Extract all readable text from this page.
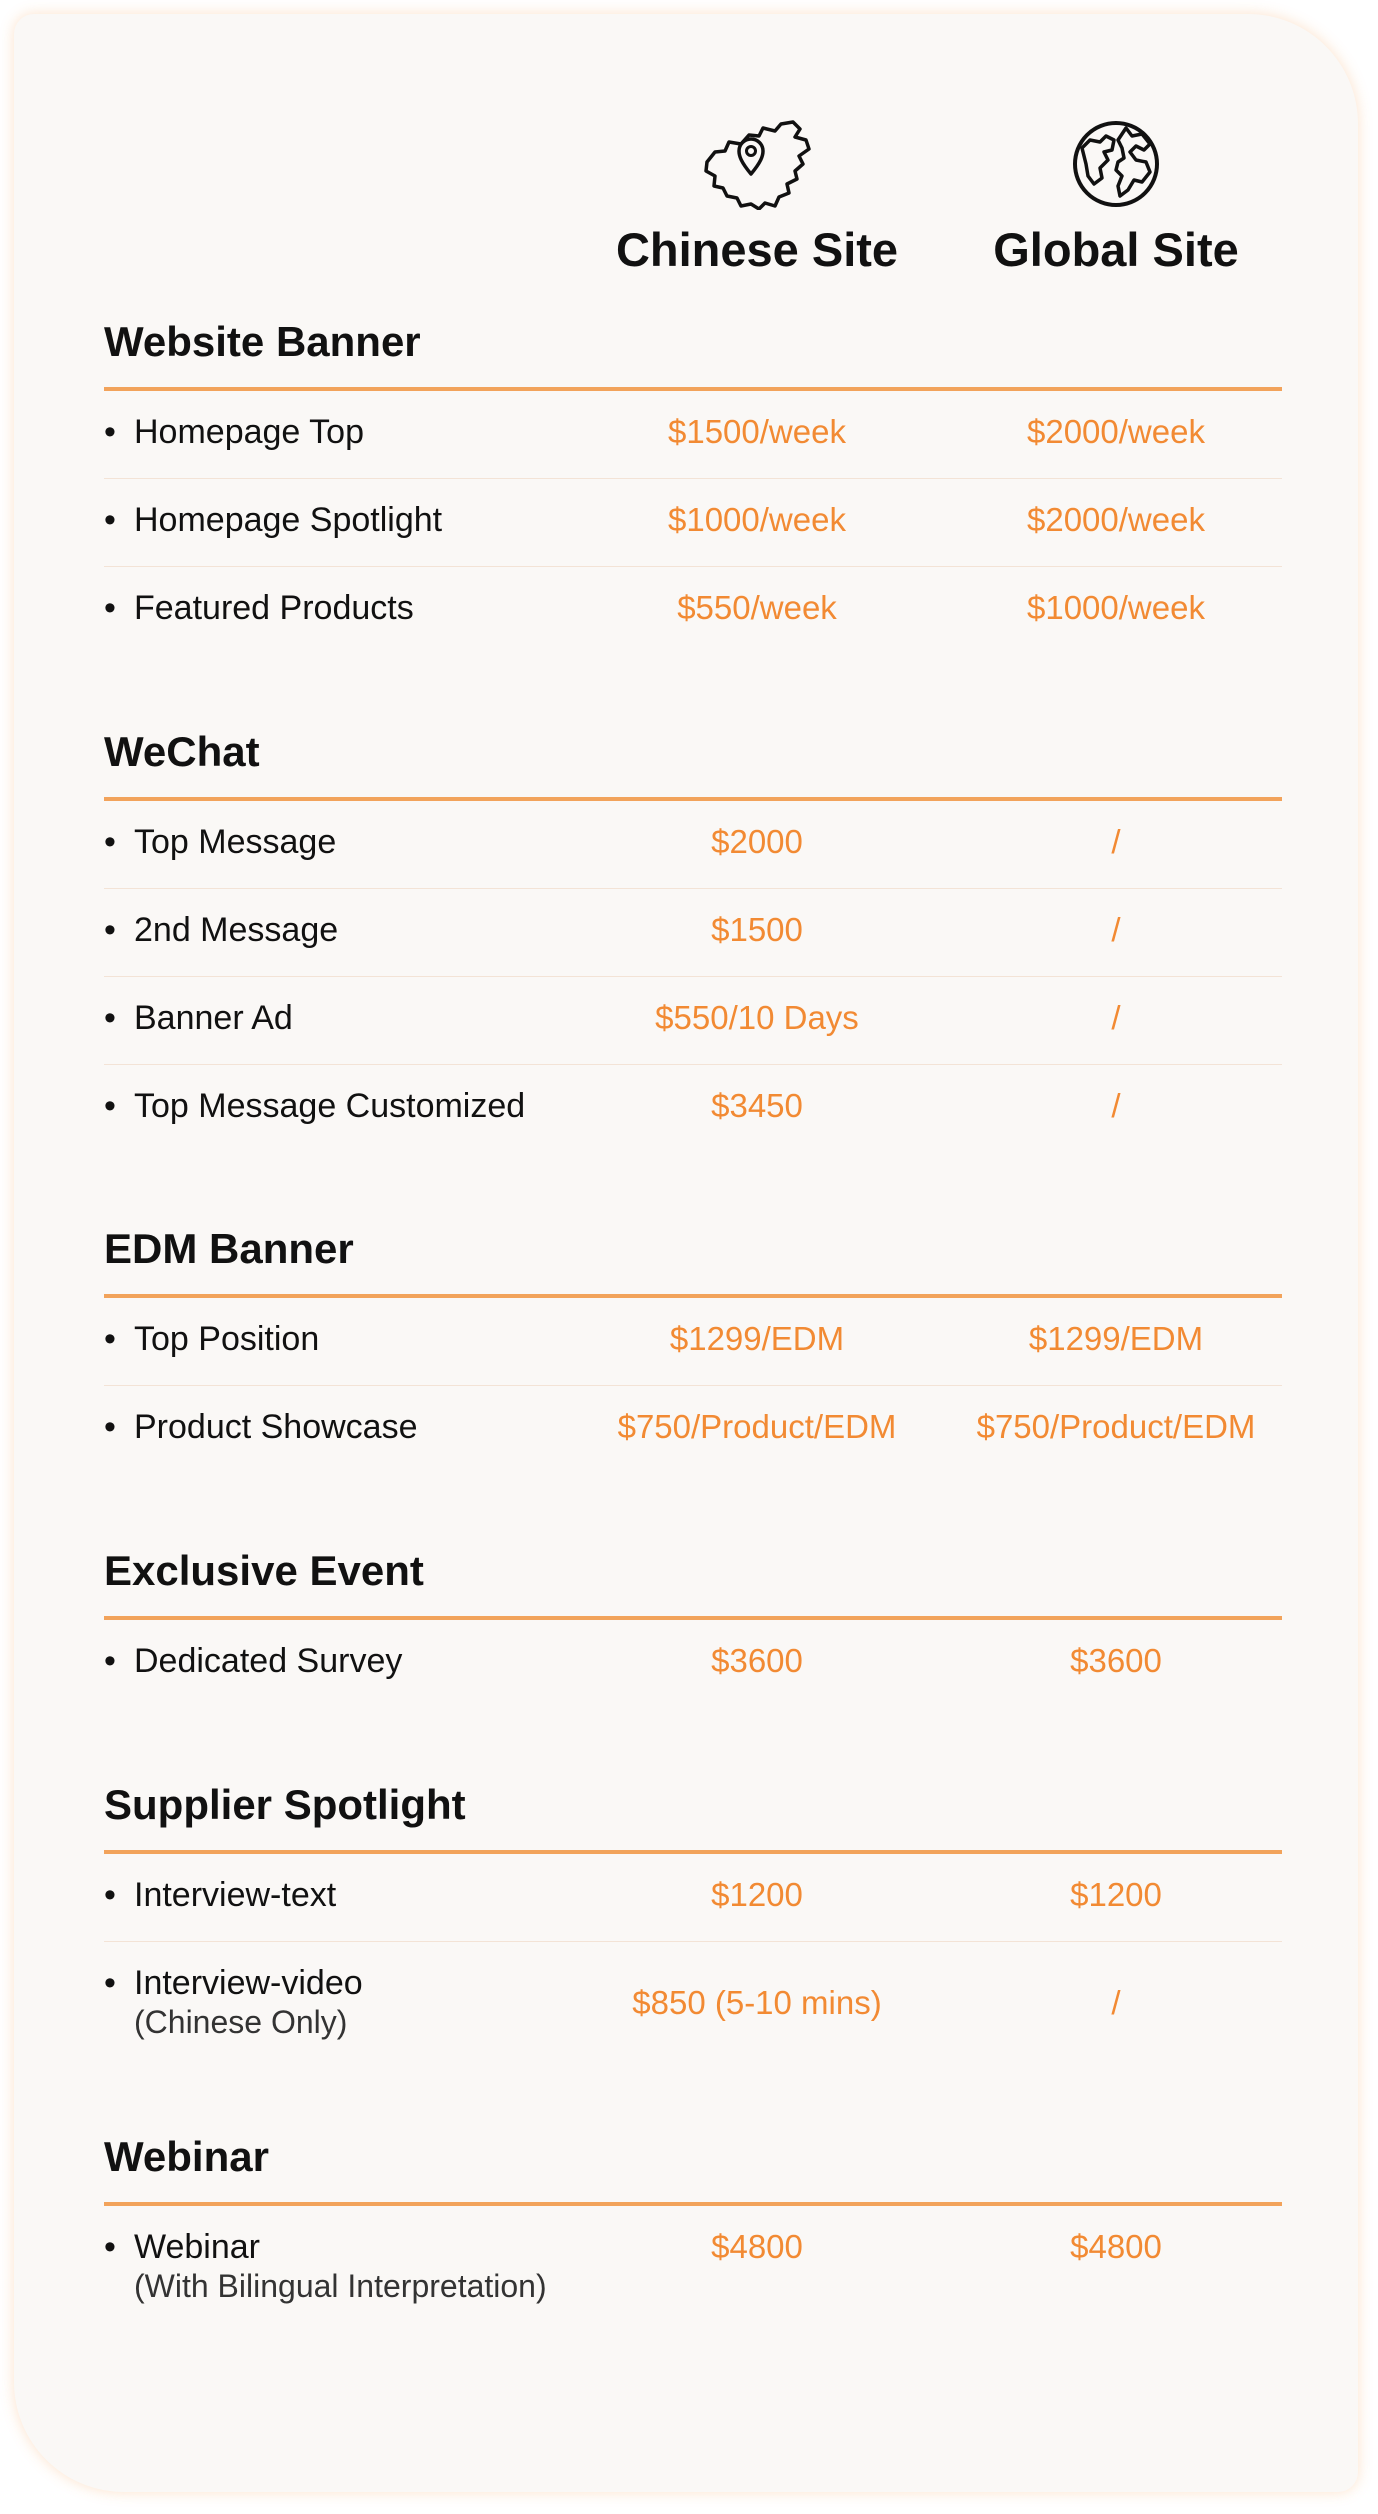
Chinese Site	Global Site
Website Banner
• Homepage Top	$1500/week	$2000/week
• Homepage Spotlight	$1000/week	$2000/week
• Featured Products	$550/week	$1000/week
WeChat
• Top Message	$2000	/
• 2nd Message	$1500	/
• Banner Ad	$550/10 Days	/
• Top Message Customized	$3450	/
EDM Banner
• Top Position	$1299/EDM	$1299/EDM
• Product Showcase	$750/Product/EDM	$750/Product/EDM
Exclusive Event
• Dedicated Survey	$3600	$3600
Supplier Spotlight
• Interview-text	$1200	$1200
• Interview-video
(Chinese Only)
$850 (5-10 mins)	/
Webinar
• Webinar
(With Bilingual Interpretation)
$4800	$4800
